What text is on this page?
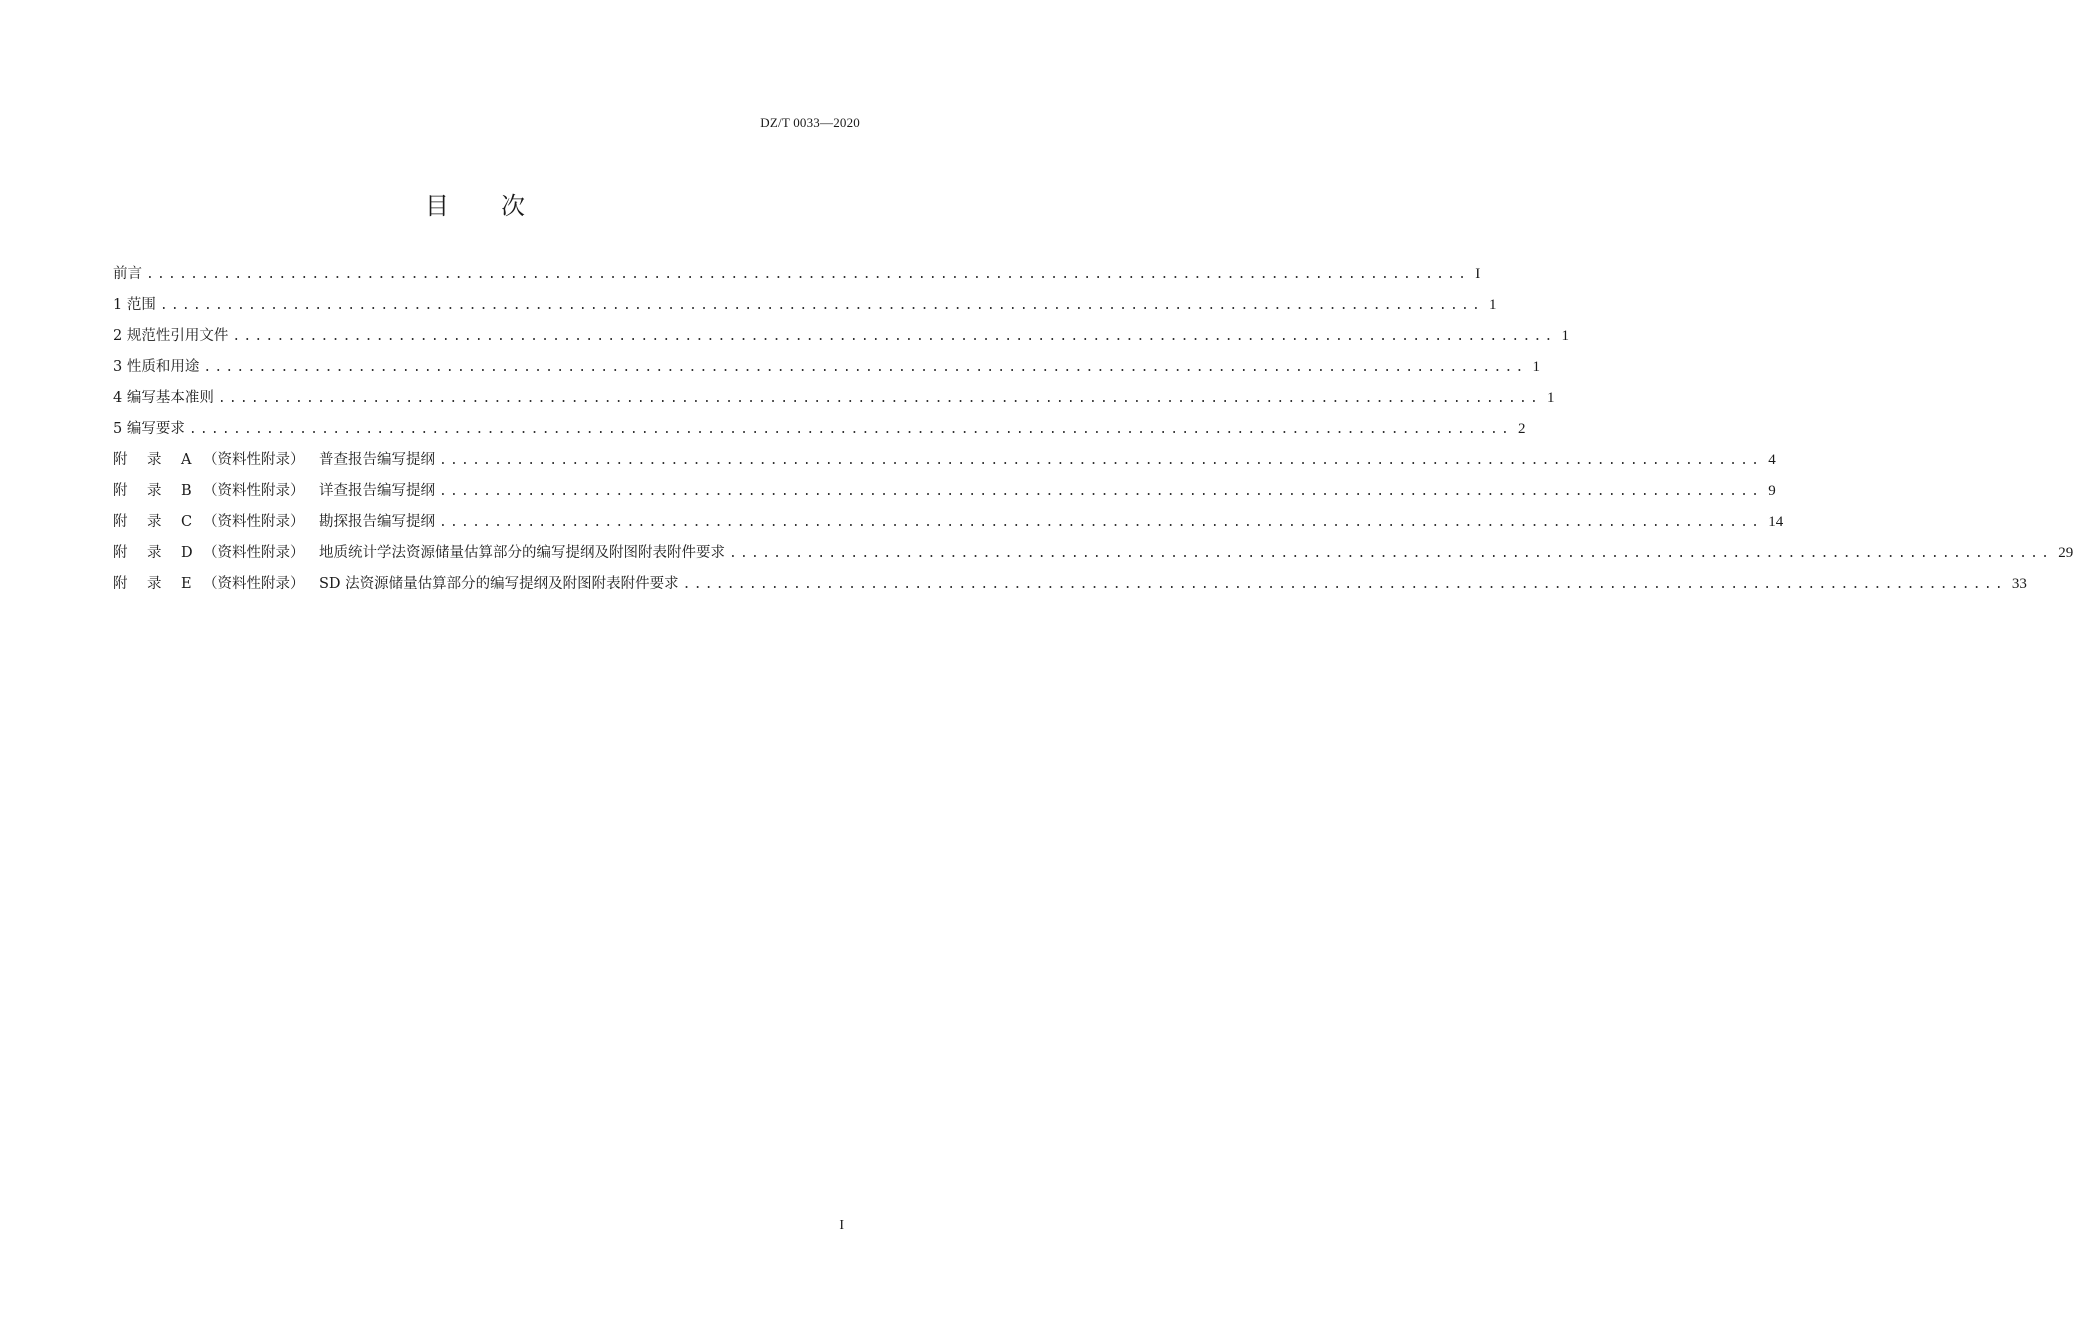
DZ/T 0033—2020
目 次
前言 ........................................................................................................................ I
1 范围 ........................................................................................................................ 1
2 规范性引用文件 ........................................................................................................................ 1
3 性质和用途 ........................................................................................................................ 1
4 编写基本准则 ........................................................................................................................ 1
5 编写要求 ........................................................................................................................ 2
附 录 A （资料性附录） 普查报告编写提纲 ........................................................................................................................ 4
附 录 B （资料性附录） 详查报告编写提纲 ........................................................................................................................ 9
附 录 C （资料性附录） 勘探报告编写提纲 ........................................................................................................................ 14
附 录 D （资料性附录） 地质统计学法资源储量估算部分的编写提纲及附图附表附件要求 ........................................................................................................................ 29
附 录 E （资料性附录） SD 法资源储量估算部分的编写提纲及附图附表附件要求 ........................................................................................................................ 33
I
